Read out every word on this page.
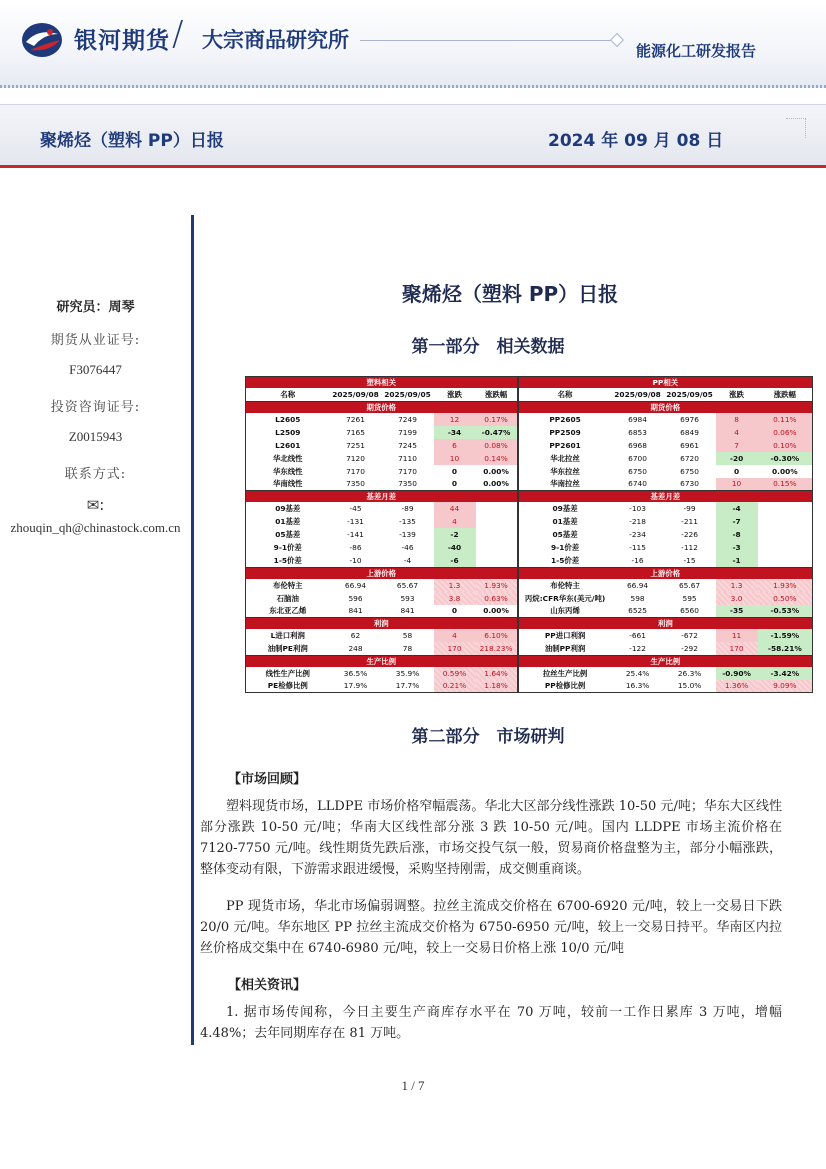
银河期货 / 大宗商品研究所	能源化工研发报告
聚烯烃（塑料 PP）日报	2024 年 09 月 08 日
研究员：周琴
期货从业证号:
F3076447
投资咨询证号:
Z0015943
联系方式:
✉:
zhouqin_qh@chinastock.com.cn
聚烯烃（塑料 PP）日报
第一部分　相关数据
塑料相关					PP相关				
名称	2025/09/08	2025/09/05	涨跌	涨跌幅	名称	2025/09/08	2025/09/05	涨跌	涨跌幅
期货价格					期货价格				
L2605	7261	7249	12	0.17%	PP2605	6984	6976	8	0.11%
L2509	7165	7199	-34	-0.47%	PP2509	6853	6849	4	0.06%
L2601	7251	7245	6	0.08%	PP2601	6968	6961	7	0.10%
华北线性	7120	7110	10	0.14%	华北拉丝	6700	6720	-20	-0.30%
华东线性	7170	7170	0	0.00%	华东拉丝	6750	6750	0	0.00%
华南线性	7350	7350	0	0.00%	华南拉丝	6740	6730	10	0.15%
基差月差					基差月差				
09基差	-45	-89	44		09基差	-103	-99	-4	
01基差	-131	-135	4		01基差	-218	-211	-7	
05基差	-141	-139	-2		05基差	-234	-226	-8	
9-1价差	-86	-46	-40		9-1价差	-115	-112	-3	
1-5价差	-10	-4	-6		1-5价差	-16	-15	-1	
上游价格					上游价格				
布伦特主	66.94	65.67	1.3	1.93%	布伦特主	66.94	65.67	1.3	1.93%
石脑油	596	593	3.8	0.63%	丙烷:CFR华东(美元/吨)	598	595	3.0	0.50%
东北亚乙烯	841	841	0	0.00%	山东丙烯	6525	6560	-35	-0.53%
利润					利润				
L进口利润	62	58	4	6.10%	PP进口利润	-661	-672	11	-1.59%
油制PE利润	248	78	170	218.23%	油制PP利润	-122	-292	170	-58.21%
生产比例					生产比例				
线性生产比例	36.5%	35.9%	0.59%	1.64%	拉丝生产比例	25.4%	26.3%	-0.90%	-3.42%
PE检修比例	17.9%	17.7%	0.21%	1.18%	PP检修比例	16.3%	15.0%	1.36%	9.09%
第二部分　市场研判
【市场回顾】
塑料现货市场，LLDPE 市场价格窄幅震荡。华北大区部分线性涨跌 10-50 元/吨；华东大区线性部分涨跌 10-50 元/吨；华南大区线性部分涨 3 跌 10-50 元/吨。国内 LLDPE 市场主流价格在 7120-7750 元/吨。线性期货先跌后涨，市场交投气氛一般，贸易商价格盘整为主，部分小幅涨跌，整体变动有限，下游需求跟进缓慢，采购坚持刚需，成交侧重商谈。
PP 现货市场，华北市场偏弱调整。拉丝主流成交价格在 6700-6920 元/吨，较上一交易日下跌 20/0 元/吨。华东地区 PP 拉丝主流成交价格为 6750-6950 元/吨，较上一交易日持平。华南区内拉丝价格成交集中在 6740-6980 元/吨，较上一交易日价格上涨 10/0 元/吨
【相关资讯】
1. 据市场传闻称，今日主要生产商库存水平在 70 万吨，较前一工作日累库 3 万吨，增幅 4.48%；去年同期库存在 81 万吨。
1 / 7
